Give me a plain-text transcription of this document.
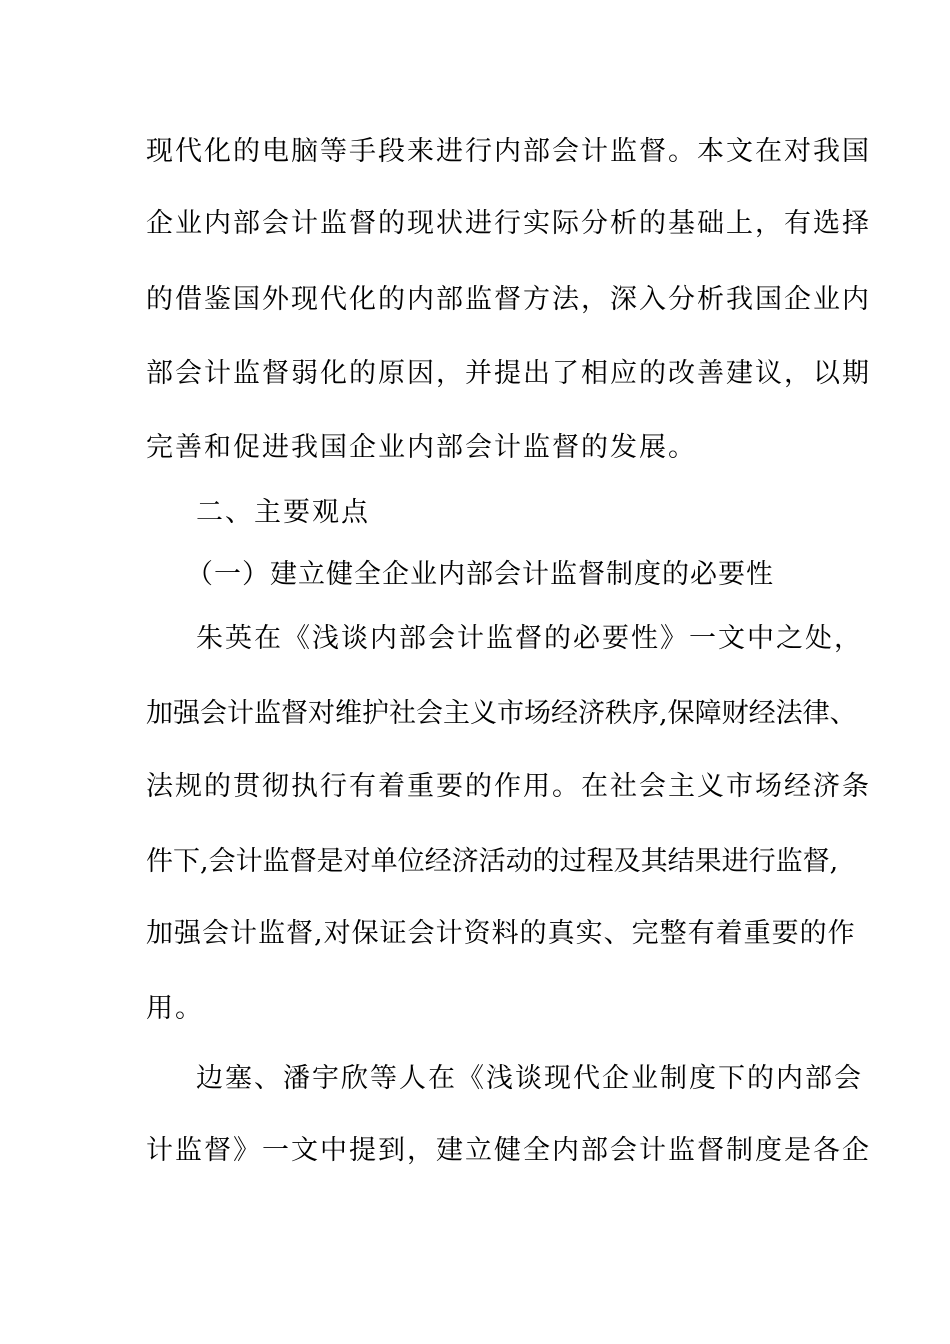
现代化的电脑等手段来进行内部会计监督。本文在对我国
企业内部会计监督的现状进行实际分析的基础上，有选择
的借鉴国外现代化的内部监督方法，深入分析我国企业内
部会计监督弱化的原因，并提出了相应的改善建议，以期
完善和促进我国企业内部会计监督的发展。
二、主要观点
（一）建立健全企业内部会计监督制度的必要性
朱英在《浅谈内部会计监督的必要性》一文中之处，
加强会计监督对维护社会主义市场经济秩序,保障财经法律、
法规的贯彻执行有着重要的作用。在社会主义市场经济条
件下,会计监督是对单位经济活动的过程及其结果进行监督,
加强会计监督,对保证会计资料的真实、完整有着重要的作
用。
边塞、潘宇欣等人在《浅谈现代企业制度下的内部会
计监督》一文中提到，建立健全内部会计监督制度是各企
